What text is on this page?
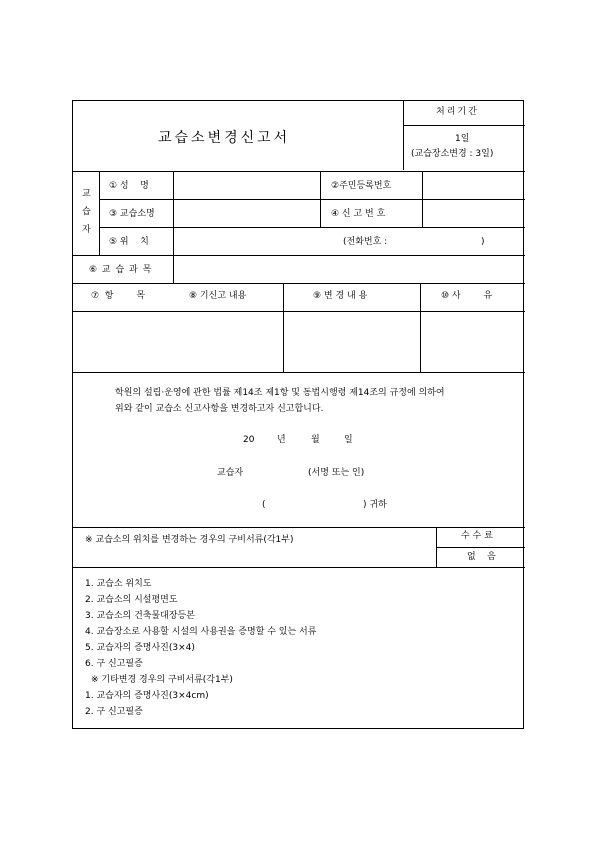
교습소변경신고서
처리기간
1일
(교습장소변경 : 3일)
교
습
자
① 성    명	②주민등록번호
③ 교습소명	④ 신 고 번 호
⑤ 위    치	(전화번호 :	)
⑥ 교 습 과 목
⑦  항        목	⑧ 기신고 내용	⑨ 변 경 내 용	⑩ 사        유
학원의 설립·운영에 관한 법률 제14조 제1항 및 동법시행령 제14조의 규정에 의하여
위와 같이 교습소 신고사항을 변경하고자 신고합니다.
20	년	월	일
교습자	(서명 또는 인)
(	) 귀하
※ 교습소의 위치를 변경하는 경우의 구비서류(각1부)	수 수 료
없    음
1. 교습소 위치도
2. 교습소의 시설평면도
3. 교습소의 건축물대장등본
4. 교습장소로 사용할 시설의 사용권을 증명할 수 있는 서류
5. 교습자의 증명사진(3×4)
6. 구 신고필증
※ 기타변경 경우의 구비서류(각1부)
1. 교습자의 증명사진(3×4cm)
2. 구 신고필증
